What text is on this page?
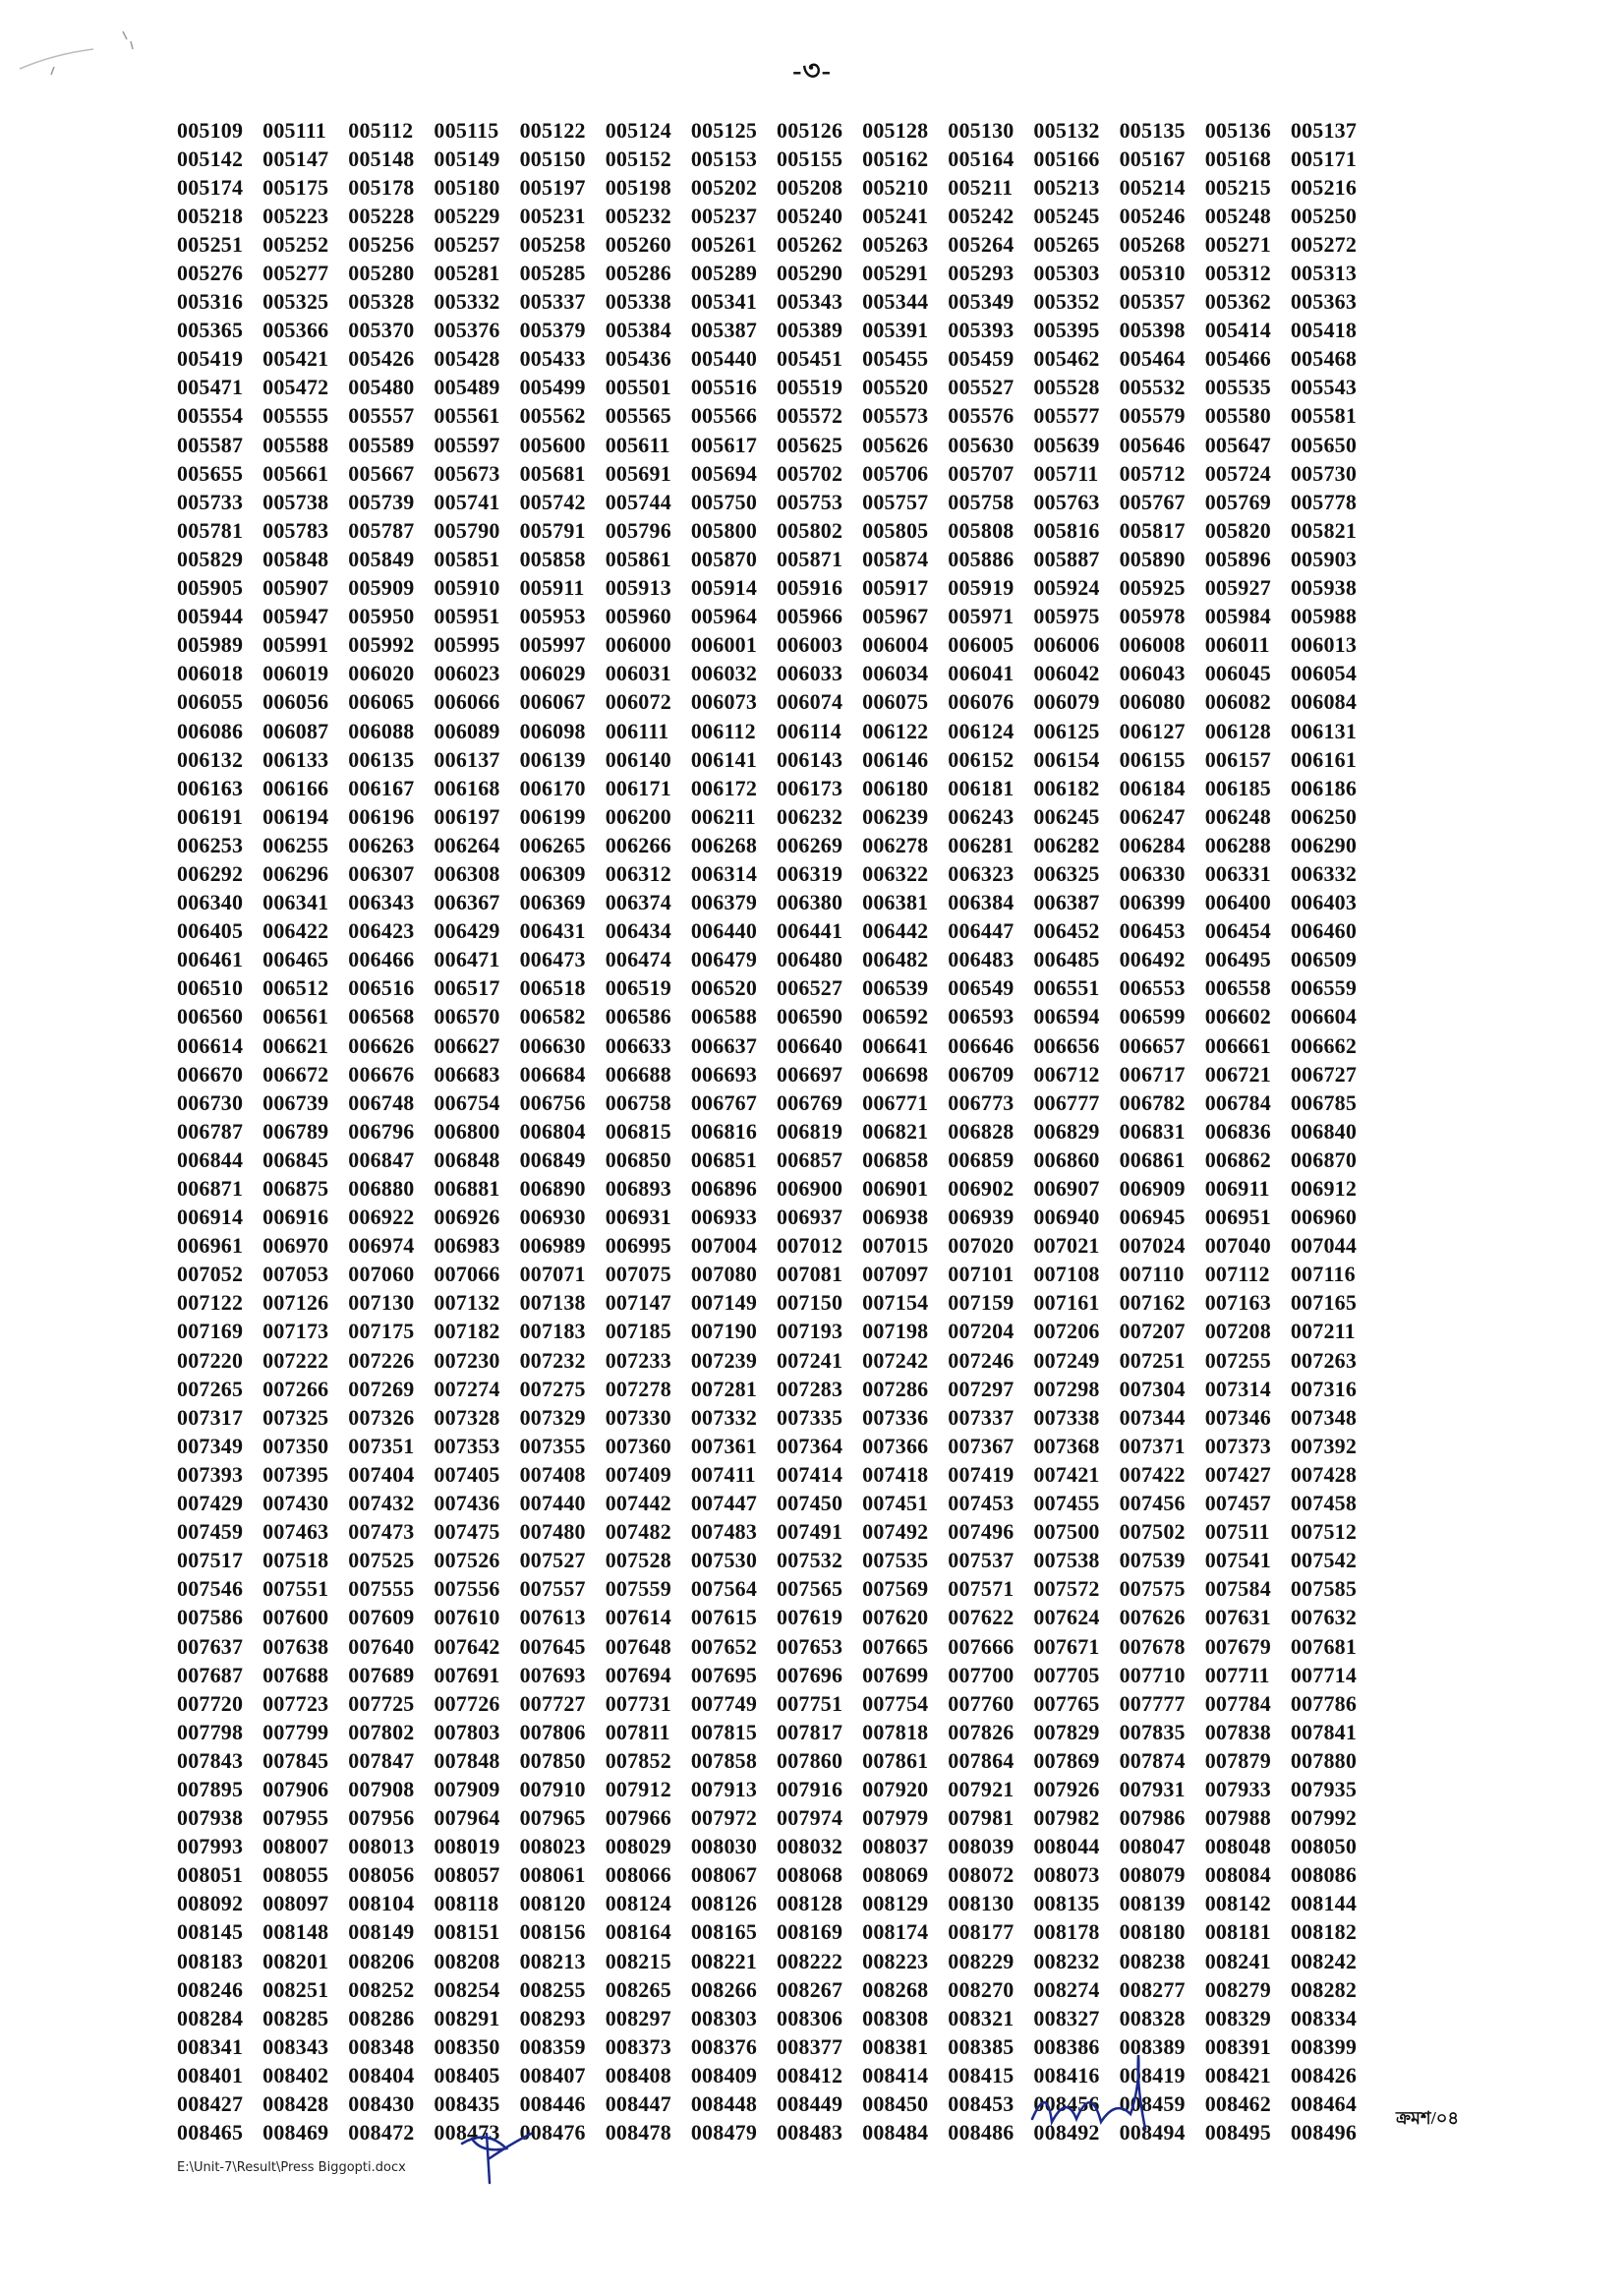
-৩-
005109 005111	005112 005115 005122 005124 005125 005126 005128 005130 005132 005135 005136 005137
005142 005147 005148 005149 005150 005152 005153 005155 005162 005164 005166 005167 005168 005171
005174 005175 005178 005180 005197 005198 005202 005208 005210 005211 005213 005214 005215 005216
005218 005223 005228 005229 005231 005232 005237 005240 005241 005242 005245 005246 005248 005250
005251 005252 005256 005257 005258 005260 005261 005262 005263 005264 005265 005268 005271 005272
005276 005277 005280 005281 005285 005286 005289 005290 005291 005293 005303 005310 005312 005313
005316 005325 005328 005332 005337 005338 005341 005343 005344 005349 005352 005357 005362 005363
005365 005366 005370 005376 005379 005384 005387 005389 005391 005393 005395 005398 005414 005418
005419 005421 005426 005428 005433 005436 005440 005451 005455 005459 005462 005464 005466 005468
005471 005472 005480 005489 005499 005501 005516 005519 005520 005527 005528 005532 005535 005543
005554 005555 005557 005561 005562 005565 005566 005572 005573 005576 005577 005579 005580 005581
005587 005588 005589 005597 005600 005611 005617 005625 005626 005630 005639 005646 005647 005650
005655 005661 005667 005673 005681 005691 005694 005702 005706 005707 005711 005712 005724 005730
005733 005738 005739 005741 005742 005744 005750 005753 005757 005758 005763 005767 005769 005778
005781 005783 005787 005790 005791 005796 005800 005802 005805 005808 005816 005817 005820 005821
005829 005848 005849 005851 005858 005861 005870 005871 005874 005886 005887 005890 005896 005903
005905 005907 005909 005910 005911 005913 005914 005916 005917 005919 005924 005925 005927 005938
005944 005947 005950 005951 005953 005960 005964 005966 005967 005971 005975 005978 005984 005988
005989 005991 005992 005995 005997 006000 006001 006003 006004 006005 006006 006008 006011 006013
006018 006019 006020 006023 006029 006031 006032 006033 006034 006041 006042 006043 006045 006054
006055 006056 006065 006066 006067 006072 006073 006074 006075 006076 006079 006080 006082 006084
006086 006087 006088 006089 006098 006111	006112 006114 006122 006124 006125 006127 006128 006131
006132 006133 006135 006137 006139 006140 006141 006143 006146 006152 006154 006155 006157 006161
006163 006166 006167 006168 006170 006171 006172 006173 006180 006181 006182 006184 006185 006186
006191 006194 006196 006197 006199 006200 006211 006232 006239 006243 006245 006247 006248 006250
006253 006255 006263 006264 006265 006266 006268 006269 006278 006281 006282 006284 006288 006290
006292 006296 006307 006308 006309 006312 006314 006319 006322 006323 006325 006330 006331 006332
006340 006341 006343 006367 006369 006374 006379 006380 006381 006384 006387 006399 006400 006403
006405 006422 006423 006429 006431 006434 006440 006441 006442 006447 006452 006453 006454 006460
006461 006465 006466 006471 006473 006474 006479 006480 006482 006483 006485 006492 006495 006509
006510 006512 006516 006517 006518 006519 006520 006527 006539 006549 006551 006553 006558 006559
006560 006561 006568 006570 006582 006586 006588 006590 006592 006593 006594 006599 006602 006604
006614 006621 006626 006627 006630 006633 006637 006640 006641 006646 006656 006657 006661 006662
006670 006672 006676 006683 006684 006688 006693 006697 006698 006709 006712 006717 006721 006727
006730 006739 006748 006754 006756 006758 006767 006769 006771 006773 006777 006782 006784 006785
006787 006789 006796 006800 006804 006815 006816 006819 006821 006828 006829 006831 006836 006840
006844 006845 006847 006848 006849 006850 006851 006857 006858 006859 006860 006861 006862 006870
006871 006875 006880 006881 006890 006893 006896 006900 006901 006902 006907 006909 006911 006912
006914 006916 006922 006926 006930 006931 006933 006937 006938 006939 006940 006945 006951 006960
006961 006970 006974 006983 006989 006995 007004 007012 007015 007020 007021 007024 007040 007044
007052 007053 007060 007066 007071 007075 007080 007081 007097 007101 007108 007110 007112 007116
007122 007126 007130 007132 007138 007147 007149 007150 007154 007159 007161 007162 007163 007165
007169 007173 007175 007182 007183 007185 007190 007193 007198 007204 007206 007207 007208 007211
007220 007222 007226 007230 007232 007233 007239 007241 007242 007246 007249 007251 007255 007263
007265 007266 007269 007274 007275 007278 007281 007283 007286 007297 007298 007304 007314 007316
007317 007325 007326 007328 007329 007330 007332 007335 007336 007337 007338 007344 007346 007348
007349 007350 007351 007353 007355 007360 007361 007364 007366 007367 007368 007371 007373 007392
007393 007395 007404 007405 007408 007409 007411 007414 007418 007419 007421 007422 007427 007428
007429 007430 007432 007436 007440 007442 007447 007450 007451 007453 007455 007456 007457 007458
007459 007463 007473 007475 007480 007482 007483 007491 007492 007496 007500 007502 007511 007512
007517 007518 007525 007526 007527 007528 007530 007532 007535 007537 007538 007539 007541 007542
007546 007551 007555 007556 007557 007559 007564 007565 007569 007571 007572 007575 007584 007585
007586 007600 007609 007610 007613 007614 007615 007619 007620 007622 007624 007626 007631 007632
007637 007638 007640 007642 007645 007648 007652 007653 007665 007666 007671 007678 007679 007681
007687 007688 007689 007691 007693 007694 007695 007696 007699 007700 007705 007710 007711 007714
007720 007723 007725 007726 007727 007731 007749 007751 007754 007760 007765 007777 007784 007786
007798 007799 007802 007803 007806 007811 007815 007817 007818 007826 007829 007835 007838 007841
007843 007845 007847 007848 007850 007852 007858 007860 007861 007864 007869 007874 007879 007880
007895 007906 007908 007909 007910 007912 007913 007916 007920 007921 007926 007931 007933 007935
007938 007955 007956 007964 007965 007966 007972 007974 007979 007981 007982 007986 007988 007992
007993 008007 008013 008019 008023 008029 008030 008032 008037 008039 008044 008047 008048 008050
008051 008055 008056 008057 008061 008066 008067 008068 008069 008072 008073 008079 008084 008086
008092 008097 008104 008118 008120 008124 008126 008128 008129 008130 008135 008139 008142 008144
008145 008148 008149 008151 008156 008164 008165 008169 008174 008177 008178 008180 008181 008182
008183 008201 008206 008208 008213 008215 008221 008222 008223 008229 008232 008238 008241 008242
008246 008251 008252 008254 008255 008265 008266 008267 008268 008270 008274 008277 008279 008282
008284 008285 008286 008291 008293 008297 008303 008306 008308 008321 008327 008328 008329 008334
008341 008343 008348 008350 008359 008373 008376 008377 008381 008385 008386 008389 008391 008399
008401 008402 008404 008405 008407 008408 008409 008412 008414 008415 008416 008419 008421 008426
008427 008428 008430 008435 008446 008447 008448 008449 008450 008453 008456 008459 008462 008464
008465 008469 008472 008473 008476 008478 008479 008483 008484 008486 008492 008494 008495 008496
ক্রমশ/০৪
E:\Unit-7\Result\Press Biggopti.docx
